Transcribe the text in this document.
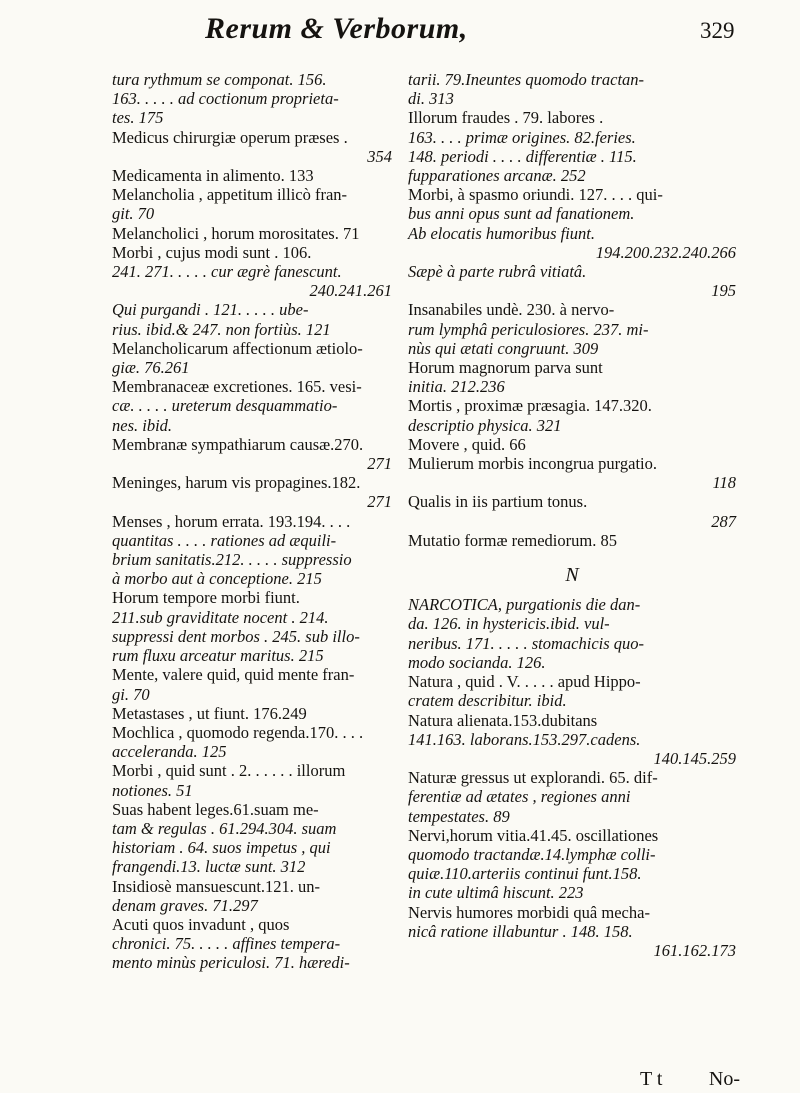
Rerum & Verborum,	329
tura rythmum se componat. 156.
163. . . . . ad coctionum proprieta-
tes. 175
Medicus chirurgiæ operum præses .
354
Medicamenta in alimento. 133
Melancholia , appetitum illicò fran-
git. 70
Melancholici , horum morositates. 71
Morbi , cujus modi sunt . 106.
241. 271. . . . . cur ægrè fanescunt.
240.241.261
Qui purgandi . 121. . . . . ube-
rius. ibid.& 247. non fortiùs. 121
Melancholicarum affectionum ætiolo-
giæ. 76.261
Membranaceæ excretiones. 165. vesi-
cæ. . . . . ureterum desquammatio-
nes. ibid.
Membranæ sympathiarum causæ.270.
271
Meninges, harum vis propagines.182.
271
Menses , horum errata. 193.194. . . .
quantitas . . . . rationes ad æquili-
brium sanitatis.212. . . . . suppressio
à morbo aut à conceptione. 215
Horum tempore morbi fiunt.
211.sub graviditate nocent . 214.
suppressi dent morbos . 245. sub illo-
rum fluxu arceatur maritus. 215
Mente, valere quid, quid mente fran-
gi. 70
Metastases , ut fiunt. 176.249
Mochlica , quomodo regenda.170. . . .
acceleranda. 125
Morbi , quid sunt . 2. . . . . . illorum
notiones. 51
Suas habent leges.61.suam me-
tam & regulas . 61.294.304. suam
historiam . 64. suos impetus , qui
frangendi.13. luctæ sunt. 312
Insidiosè mansuescunt.121. un-
denam graves. 71.297
Acuti quos invadunt , quos
chronici. 75. . . . . affines tempera-
mento minùs periculosi. 71. hæredi-
tarii. 79.Ineuntes quomodo tractan-
di. 313
Illorum fraudes . 79. labores .
163. . . . primæ origines. 82.feries.
148. periodi . . . . differentiæ . 115.
fupparationes arcanæ. 252
Morbi, à spasmo oriundi. 127. . . . qui-
bus anni opus sunt ad fanationem.
Ab elocatis humoribus fiunt.
194.200.232.240.266
Sæpè à parte rubrâ vitiatâ.
195
Insanabiles undè. 230. à nervo-
rum lymphâ periculosiores. 237. mi-
nùs qui ætati congruunt. 309
Horum magnorum parva sunt
initia. 212.236
Mortis , proximæ præsagia. 147.320.
descriptio physica. 321
Movere , quid. 66
Mulierum morbis incongrua purgatio.
118
Qualis in iis partium tonus.
287
Mutatio formæ remediorum. 85
N
NARCOTICA, purgationis die dan-
da. 126. in hystericis.ibid. vul-
neribus. 171. . . . . stomachicis quo-
modo sociandа. 126.
Natura , quid . V. . . . . apud Hippo-
cratem describitur. ibid.
Natura alienata.153.dubitans
141.163. laborans.153.297.cadens.
140.145.259
Naturæ gressus ut explorandi. 65. dif-
ferentiæ ad ætates , regiones anni
tempestates. 89
Nervi,horum vitia.41.45. oscillationes
quomodo tractandæ.14.lymphæ colli-
quiæ.110.arteriis continui funt.158.
in cute ultimâ hiscunt. 223
Nervis humores morbidi quâ mecha-
nicâ ratione illabuntur . 148. 158.
161.162.173
T t No-
